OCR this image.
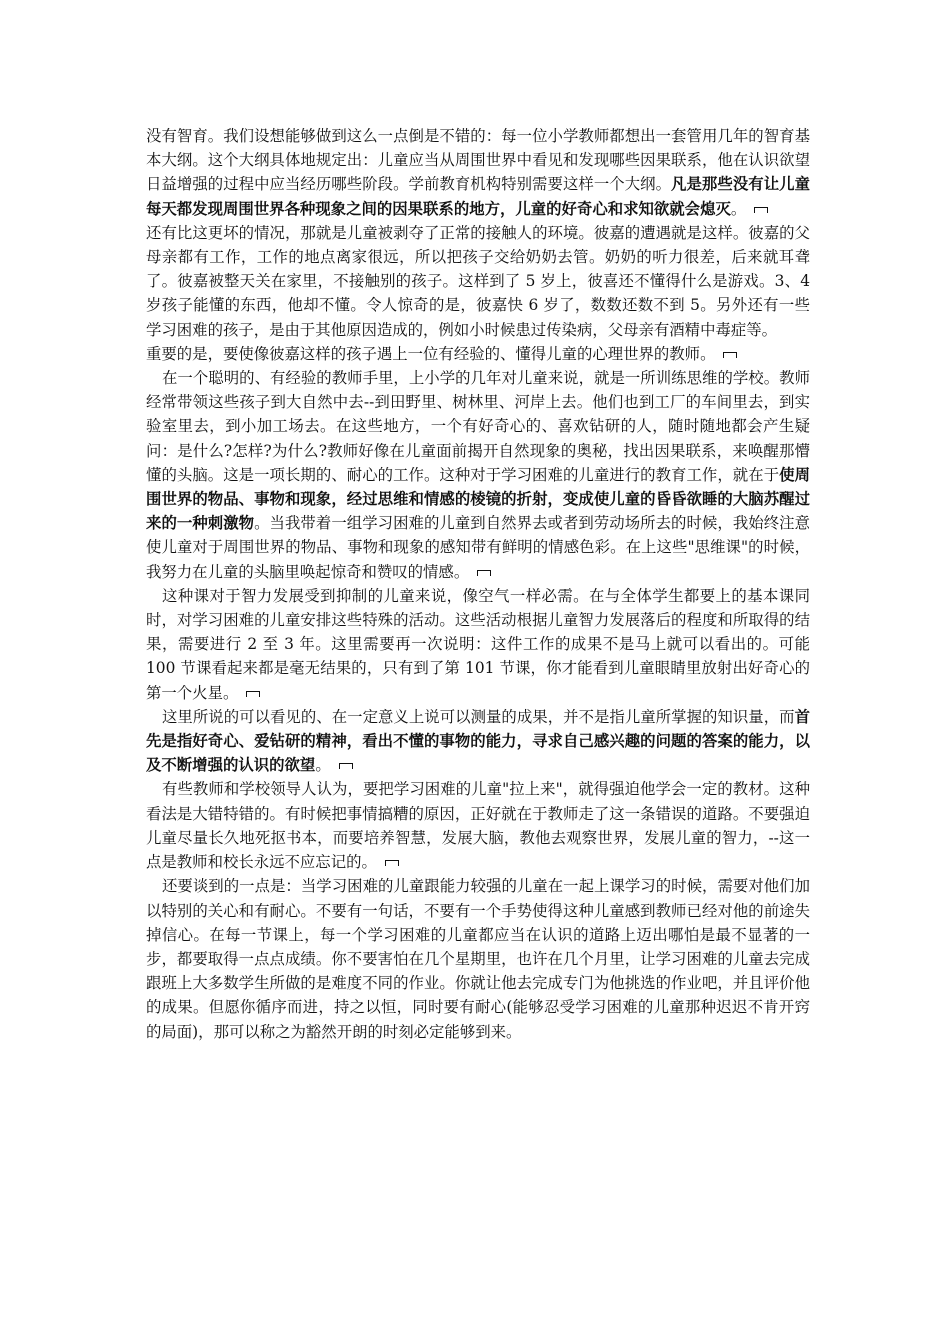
没有智育。我们设想能够做到这么一点倒是不错的：每一位小学教师都想出一套管用几年的智育基本大纲。这个大纲具体地规定出：儿童应当从周围世界中看见和发现哪些因果联系，他在认识欲望日益增强的过程中应当经历哪些阶段。学前教育机构特别需要这样一个大纲。凡是那些没有让儿童每天都发现周围世界各种现象之间的因果联系的地方，儿童的好奇心和求知欲就会熄灭。

还有比这更坏的情况，那就是儿童被剥夺了正常的接触人的环境。彼嘉的遭遇就是这样。彼嘉的父母亲都有工作，工作的地点离家很远，所以把孩子交给奶奶去管。奶奶的听力很差，后来就耳聋了。彼嘉被整天关在家里，不接触别的孩子。这样到了 5 岁上，彼喜还不懂得什么是游戏。3、4 岁孩子能懂的东西，他却不懂。令人惊奇的是，彼嘉快 6 岁了，数数还数不到 5。另外还有一些学习困难的孩子，是由于其他原因造成的，例如小时候患过传染病，父母亲有酒精中毒症等。

重要的是，要使像彼嘉这样的孩子遇上一位有经验的、懂得儿童的心理世界的教师。

在一个聪明的、有经验的教师手里，上小学的几年对儿童来说，就是一所训练思维的学校。教师经常带领这些孩子到大自然中去--到田野里、树林里、河岸上去。他们也到工厂的车间里去，到实验室里去，到小加工场去。在这些地方，一个有好奇心的、喜欢钻研的人，随时随地都会产生疑问：是什么?怎样?为什么?教师好像在儿童面前揭开自然现象的奥秘，找出因果联系，来唤醒那懵懂的头脑。这是一项长期的、耐心的工作。这种对于学习困难的儿童进行的教育工作，就在于使周围世界的物品、事物和现象，经过思维和情感的棱镜的折射，变成使儿童的昏昏欲睡的大脑苏醒过来的一种刺激物。当我带着一组学习困难的儿童到自然界去或者到劳动场所去的时候，我始终注意使儿童对于周围世界的物品、事物和现象的感知带有鲜明的情感色彩。在上这些"思维课"的时候，我努力在儿童的头脑里唤起惊奇和赞叹的情感。

这种课对于智力发展受到抑制的儿童来说，像空气一样必需。在与全体学生都要上的基本课同时，对学习困难的儿童安排这些特殊的活动。这些活动根据儿童智力发展落后的程度和所取得的结果，需要进行 2 至 3 年。这里需要再一次说明：这件工作的成果不是马上就可以看出的。可能 100 节课看起来都是毫无结果的，只有到了第 101 节课，你才能看到儿童眼睛里放射出好奇心的第一个火星。

这里所说的可以看见的、在一定意义上说可以测量的成果，并不是指儿童所掌握的知识量，而首先是指好奇心、爱钻研的精神，看出不懂的事物的能力，寻求自己感兴趣的问题的答案的能力，以及不断增强的认识的欲望。

有些教师和学校领导人认为，要把学习困难的儿童"拉上来"，就得强迫他学会一定的教材。这种看法是大错特错的。有时候把事情搞糟的原因，正好就在于教师走了这一条错误的道路。不要强迫儿童尽量长久地死抠书本，而要培养智慧，发展大脑，教他去观察世界，发展儿童的智力，--这一点是教师和校长永远不应忘记的。

还要谈到的一点是：当学习困难的儿童跟能力较强的儿童在一起上课学习的时候，需要对他们加以特别的关心和有耐心。不要有一句话，不要有一个手势使得这种儿童感到教师已经对他的前途失掉信心。在每一节课上，每一个学习困难的儿童都应当在认识的道路上迈出哪怕是最不显著的一步，都要取得一点点成绩。你不要害怕在几个星期里，也许在几个月里，让学习困难的儿童去完成跟班上大多数学生所做的是难度不同的作业。你就让他去完成专门为他挑选的作业吧，并且评价他的成果。但愿你循序而进，持之以恒，同时要有耐心(能够忍受学习困难的儿童那种迟迟不肯开窍的局面)，那可以称之为豁然开朗的时刻必定能够到来。
